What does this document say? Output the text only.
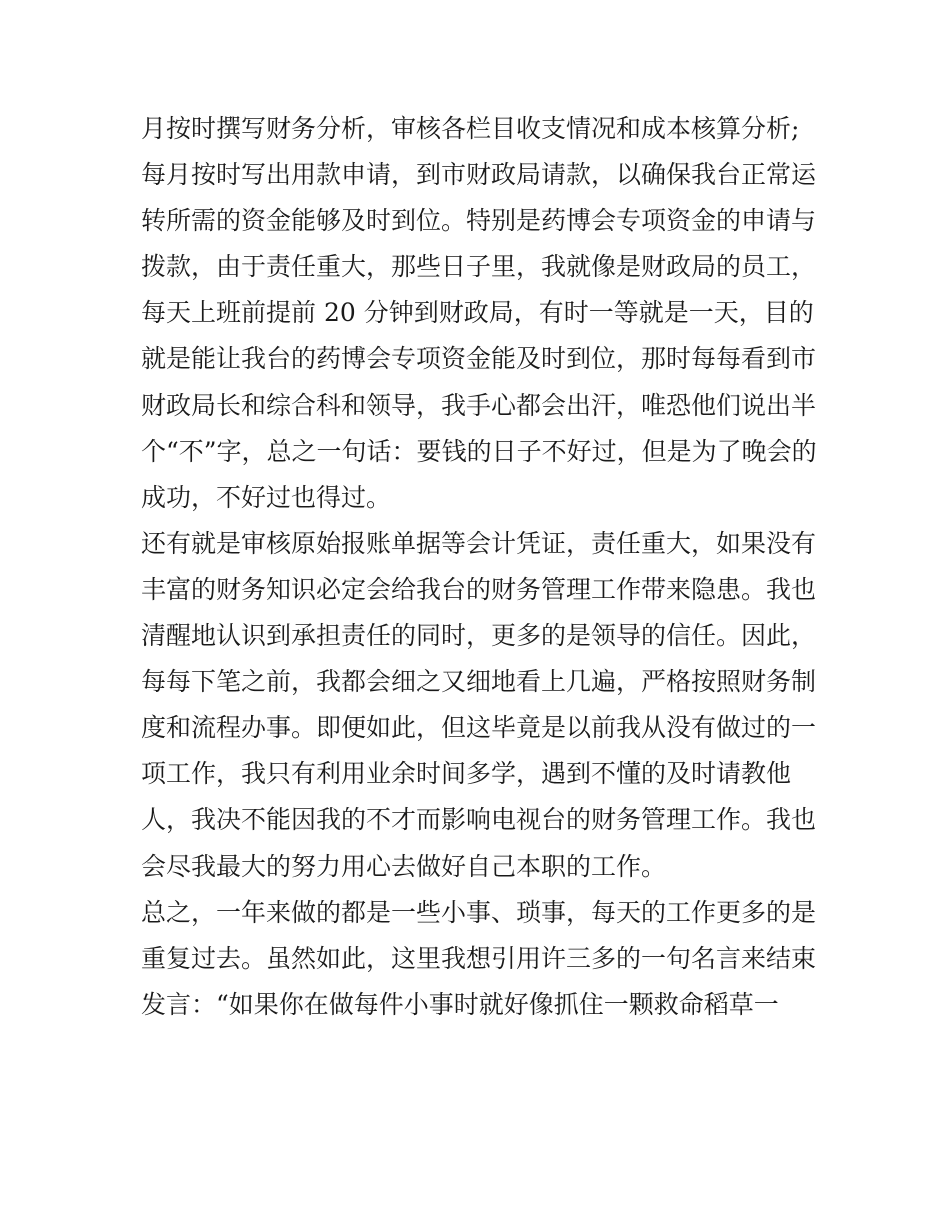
月按时撰写财务分析，审核各栏目收支情况和成本核算分析;
每月按时写出用款申请，到市财政局请款，以确保我台正常运
转所需的资金能够及时到位。特别是药博会专项资金的申请与
拨款，由于责任重大，那些日子里，我就像是财政局的员工，
每天上班前提前 20 分钟到财政局，有时一等就是一天，目的
就是能让我台的药博会专项资金能及时到位，那时每每看到市
财政局长和综合科和领导，我手心都会出汗，唯恐他们说出半
个“不”字，总之一句话：要钱的日子不好过，但是为了晚会的
成功，不好过也得过。
还有就是审核原始报账单据等会计凭证，责任重大，如果没有
丰富的财务知识必定会给我台的财务管理工作带来隐患。我也
清醒地认识到承担责任的同时，更多的是领导的信任。因此，
每每下笔之前，我都会细之又细地看上几遍，严格按照财务制
度和流程办事。即便如此，但这毕竟是以前我从没有做过的一
项工作，我只有利用业余时间多学，遇到不懂的及时请教他
人，我决不能因我的不才而影响电视台的财务管理工作。我也
会尽我最大的努力用心去做好自己本职的工作。
总之，一年来做的都是一些小事、琐事，每天的工作更多的是
重复过去。虽然如此，这里我想引用许三多的一句名言来结束
发言：“如果你在做每件小事时就好像抓住一颗救命稻草一
